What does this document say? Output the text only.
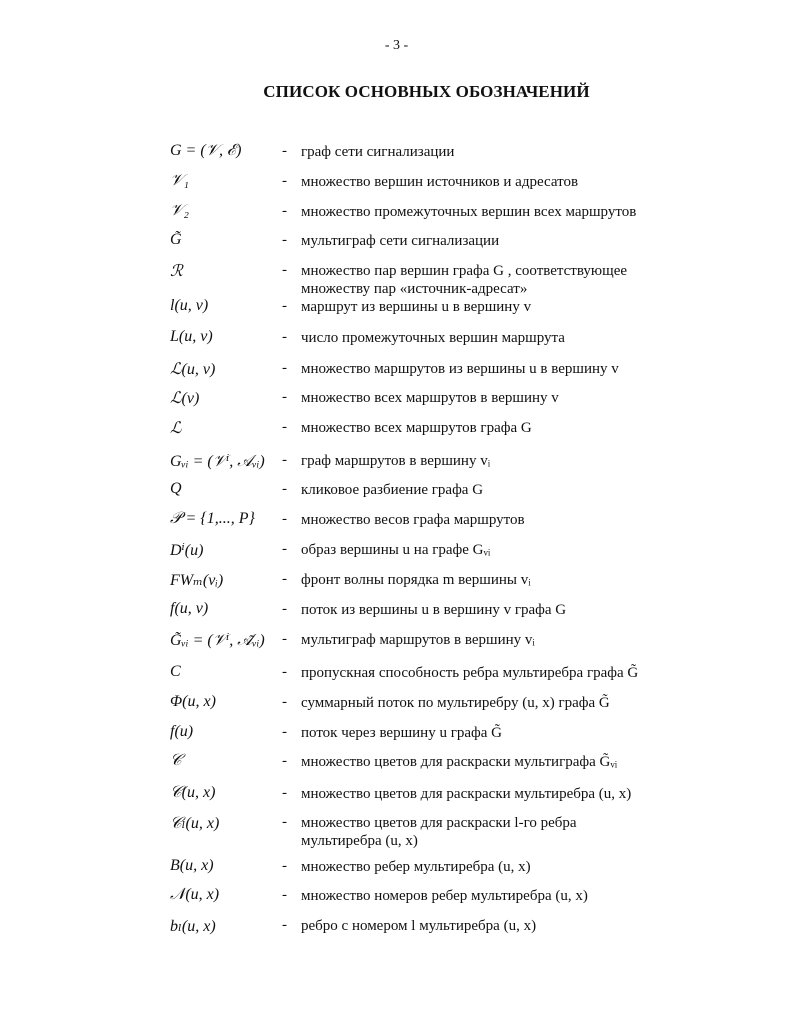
- 3 -
СПИСОК ОСНОВНЫХ ОБОЗНАЧЕНИЙ
G = (𝒱, ℰ)	- граф сети сигнализации
𝒱₁	- множество вершин источников и адресатов
𝒱₂	- множество промежуточных вершин всех маршрутов
G̃	- мультиграф сети сигнализации
ℛ	- множество пар вершин графа G , соответствующее множеству пар «источник-адресат»
l(u, v)	- маршрут из вершины u в вершину v
L(u, v)	- число промежуточных вершин маршрута
ℒ(u, v)	- множество маршрутов из вершины u в вершину v
ℒ(v)	- множество всех маршрутов в вершину v
ℒ	- множество всех маршрутов графа G
Gᵥᵢ = (𝒱ⁱ, 𝒜ᵥᵢ) - граф маршрутов в вершину vᵢ
Q	- кликовое разбиение графа G
𝒫 = {1,..., P} - множество весов графа маршрутов
Dⁱ(u)	- образ вершины u на графе Gᵥᵢ
FWₘ(vᵢ)	- фронт волны порядка m вершины vᵢ
f(u, v)	- поток из вершины u в вершину v графа G
G̃ᵥᵢ = (𝒱ⁱ, 𝒜̃ᵥᵢ) - мультиграф маршрутов в вершину vᵢ
C	- пропускная способность ребра мультиребра графа G̃
Φ(u, x)	- суммарный поток по мультиребру (u, x) графа G̃
f(u)	- поток через вершину u графа G̃
𝒞	- множество цветов для раскраски мультиграфа G̃ᵥᵢ
𝒞(u, x)	- множество цветов для раскраски мультиребра (u, x)
𝒞ₗ(u, x)	- множество цветов для раскраски l-го ребра мультиребра (u, x)
B(u, x)	- множество ребер мультиребра (u, x)
𝒩(u, x)	- множество номеров ребер мультиребра (u, x)
bₗ(u, x)	- ребро с номером l мультиребра (u, x)
